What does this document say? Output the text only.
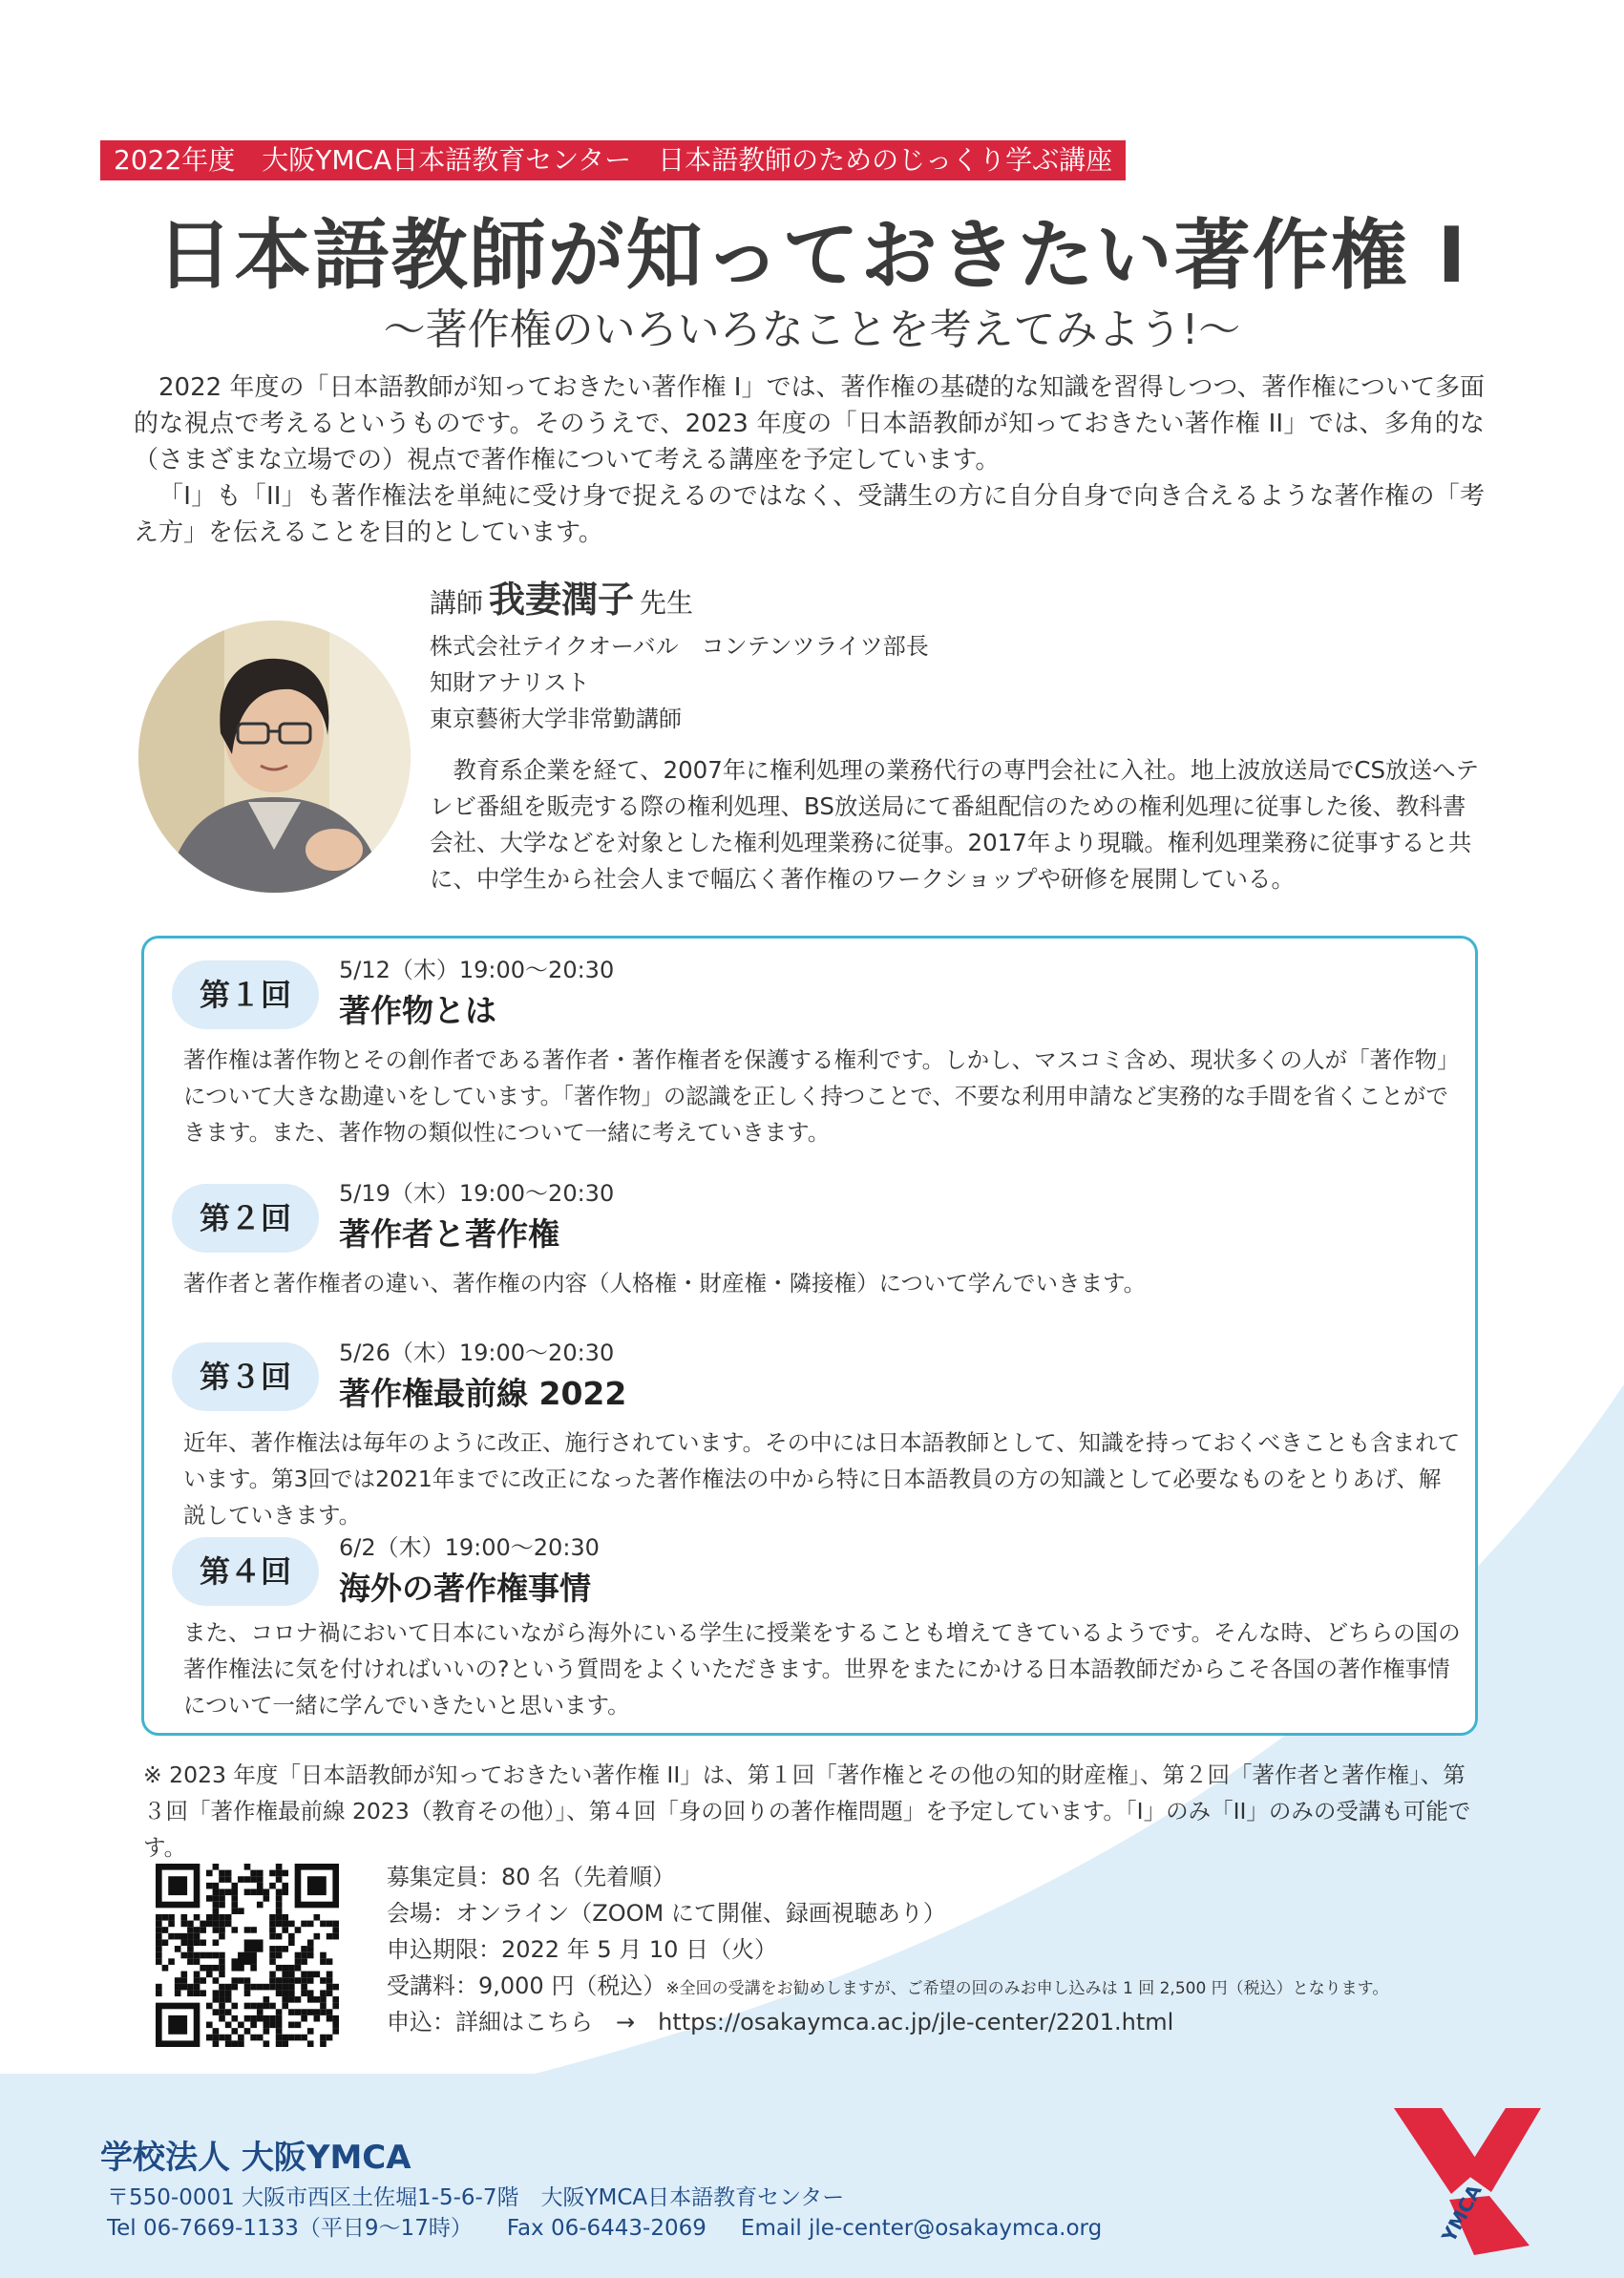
2022年度　大阪YMCA日本語教育センター　日本語教師のためのじっくり学ぶ講座
日本語教師が知っておきたい著作権 I
〜著作権のいろいろなことを考えてみよう!〜

2022 年度の「日本語教師が知っておきたい著作権 I」では、著作権の基礎的な知識を習得しつつ、著作権について多面的な視点で考えるというものです。そのうえで、2023 年度の「日本語教師が知っておきたい著作権 II」では、多角的な（さまざまな立場での）視点で著作権について考える講座を予定しています。

「I」も「II」も著作権法を単純に受け身で捉えるのではなく、受講生の方に自分自身で向き合えるような著作権の「考え方」を伝えることを目的としています。

講師 我妻潤子 先生
株式会社テイクオーバル　コンテンツライツ部長
知財アナリスト
東京藝術大学非常勤講師

教育系企業を経て、2007年に権利処理の業務代行の専門会社に入社。地上波放送局でCS放送へテレビ番組を販売する際の権利処理、BS放送局にて番組配信のための権利処理に従事した後、教科書会社、大学などを対象とした権利処理業務に従事。2017年より現職。権利処理業務に従事すると共に、中学生から社会人まで幅広く著作権のワークショップや研修を展開している。

第１回
5/12（木）19:00〜20:30
著作物とは
著作権は著作物とその創作者である著作者・著作権者を保護する権利です。しかし、マスコミ含め、現状多くの人が「著作物」について大きな勘違いをしています。「著作物」の認識を正しく持つことで、不要な利用申請など実務的な手間を省くことができます。また、著作物の類似性について一緒に考えていきます。
第２回
5/19（木）19:00〜20:30
著作者と著作権
著作者と著作権者の違い、著作権の内容（人格権・財産権・隣接権）について学んでいきます。
第３回
5/26（木）19:00〜20:30
著作権最前線 2022
近年、著作権法は毎年のように改正、施行されています。その中には日本語教師として、知識を持っておくべきことも含まれています。第3回では2021年までに改正になった著作権法の中から特に日本語教員の方の知識として必要なものをとりあげ、解説していきます。
第４回
6/2（木）19:00〜20:30
海外の著作権事情
また、コロナ禍において日本にいながら海外にいる学生に授業をすることも増えてきているようです。そんな時、どちらの国の著作権法に気を付ければいいの?という質問をよくいただきます。世界をまたにかける日本語教師だからこそ各国の著作権事情について一緒に学んでいきたいと思います。
※ 2023 年度「日本語教師が知っておきたい著作権 II」は、第１回「著作権とその他の知的財産権」、第２回「著作者と著作権」、第３回「著作権最前線 2023（教育その他）」、第４回「身の回りの著作権問題」を予定しています。「I」のみ「II」のみの受講も可能です。
募集定員：80 名（先着順）
会場：オンライン（ZOOM にて開催、録画視聴あり）
申込期限：2022 年 5 月 10 日（火）
受講料：9,000 円（税込）※全回の受講をお勧めしますが、ご希望の回のみお申し込みは 1 回 2,500 円（税込）となります。
申込：詳細はこちら　→　https://osakaymca.ac.jp/jle-center/2201.html
学校法人 大阪YMCA
〒550-0001 大阪市西区土佐堀1-5-6-7階　大阪YMCA日本語教育センター
Tel 06-7669-1133（平日9〜17時） Fax 06-6443-2069 Email jle-center@osakaymca.org	YMCA
